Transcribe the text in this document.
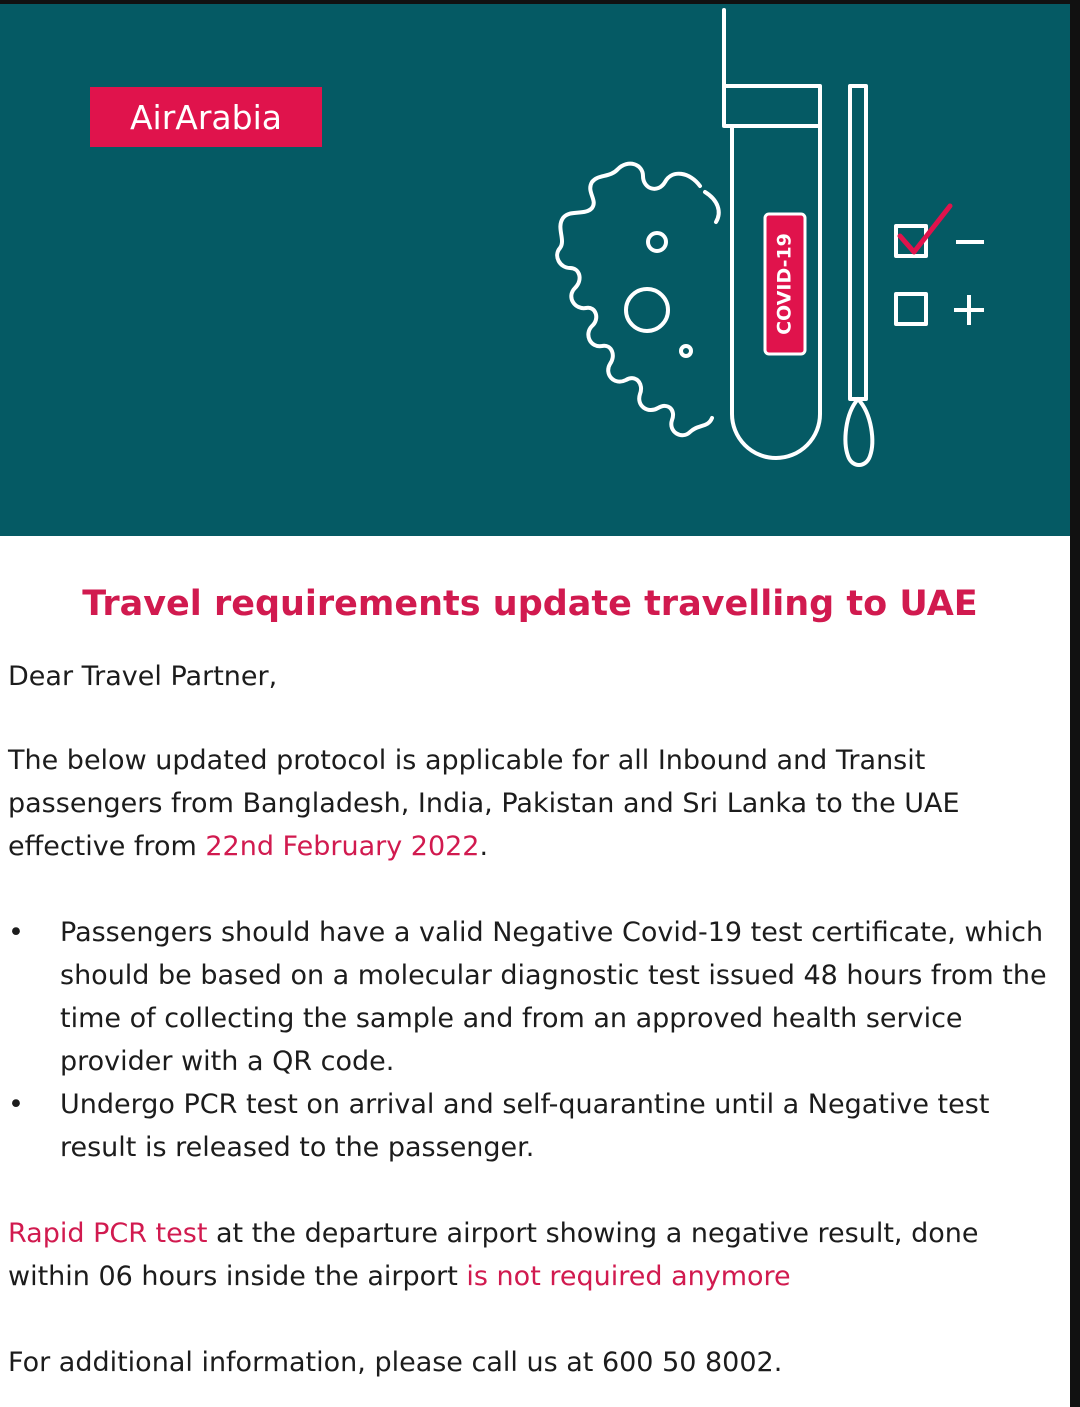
AirArabia
COVID-19
Travel requirements update travelling to UAE

Dear Travel Partner,

The below updated protocol is applicable for all Inbound and Transit passengers from Bangladesh, India, Pakistan and Sri Lanka to the UAE effective from 22nd February 2022.

•	Passengers should have a valid Negative Covid-19 test certificate, which should be based on a molecular diagnostic test issued 48 hours from the time of collecting the sample and from an approved health service provider with a QR code.
•	Undergo PCR test on arrival and self-quarantine until a Negative test result is released to the passenger.

Rapid PCR test at the departure airport showing a negative result, done within 06 hours inside the airport is not required anymore

For additional information, please call us at 600 50 8002.
